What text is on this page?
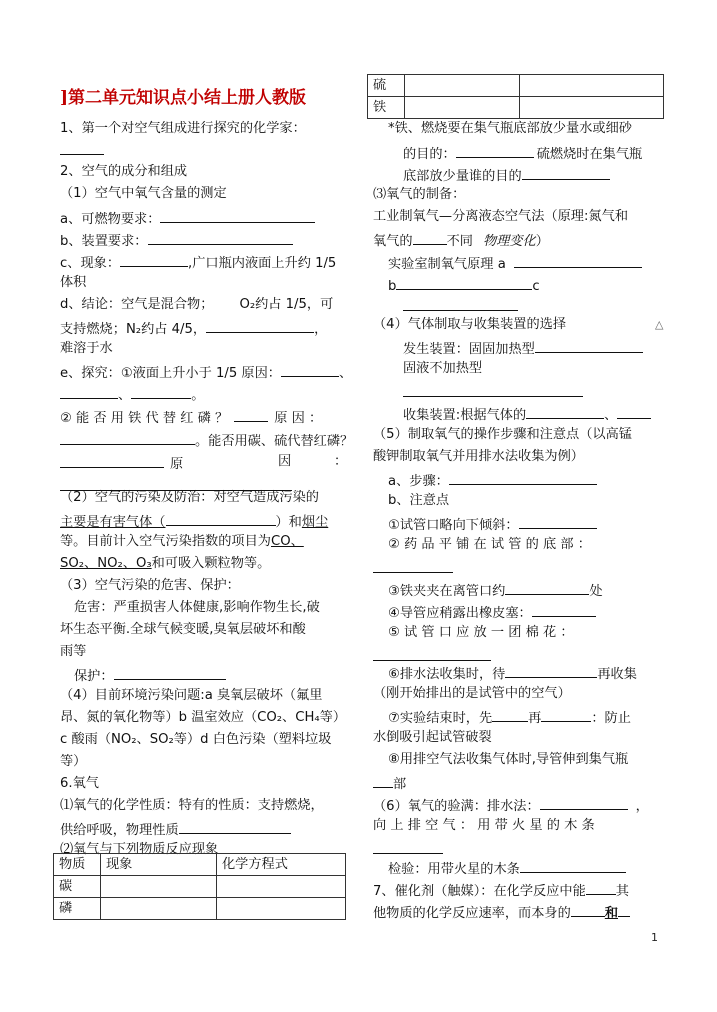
]第二单元知识点小结上册人教版
1、第一个对空气组成进行探究的化学家：
2、空气的成分和组成
（1）空气中氧气含量的测定
a、可燃物要求：
b、装置要求：
c、现象：	,广口瓶内液面上升约 1/5
体积
d、结论：空气是混合物； O₂约占 1/5，可
支持燃烧；N₂约占 4/5，	，
难溶于水
e、探究：①液面上升小于 1/5 原因：	、
、	。
② 能 否 用 铁 代 替 红 磷 ？	原 因 ：
。能否用碳、硫代替红磷？
原	因	：
（2）空气的污染及防治：对空气造成污染的
主要是有害气体（	）和烟尘
等。目前计入空气污染指数的项目为CO、
SO₂、NO₂、O₃和可吸入颗粒物等。
（3）空气污染的危害、保护：
危害：严重损害人体健康,影响作物生长,破
坏生态平衡.全球气候变暖,臭氧层破坏和酸
雨等
保护：
（4）目前环境污染问题:a 臭氧层破坏（氟里
昂、氮的氧化物等）b 温室效应（CO₂、CH₄等）
c 酸雨（NO₂、SO₂等）d 白色污染（塑料垃圾
等）
6.氧气
⑴氧气的化学性质：特有的性质：支持燃烧，
供给呼吸，物理性质
⑵氧气与下列物质反应现象
物质	现象	化学方程式
碳		
磷		
硫		
铁		
*铁、燃烧要在集气瓶底部放少量水或细砂
的目的：	硫燃烧时在集气瓶
底部放少量谁的目的
⑶氧气的制备：
工业制氧气—分离液态空气法（原理:氮气和
氧气的	不同 物理变化）
实验室制氧气原理 a
b	c
（4）气体制取与收集装置的选择
发生装置：固固加热型
固液不加热型
收集装置:根据气体的	、
（5）制取氧气的操作步骤和注意点（以高锰
酸钾制取氧气并用排水法收集为例）
a、步骤：
b、注意点
①试管口略向下倾斜：
② 药 品 平 铺 在 试 管 的 底 部 ：
③铁夹夹在离管口约	处
④导管应稍露出橡皮塞：
⑤ 试 管 口 应 放 一 团 棉 花 ：
⑥排水法收集时，待	再收集
（刚开始排出的是试管中的空气）
⑦实验结束时，先	再	：防止
水倒吸引起试管破裂
⑧用排空气法收集气体时,导管伸到集气瓶
部
（6）氧气的验满：排水法：	，
向 上 排 空 气 ： 用 带 火 星 的 木 条
检验：用带火星的木条
7、催化剂（触媒）：在化学反应中能 其
他物质的化学反应速率，而本身的	和
△
1
